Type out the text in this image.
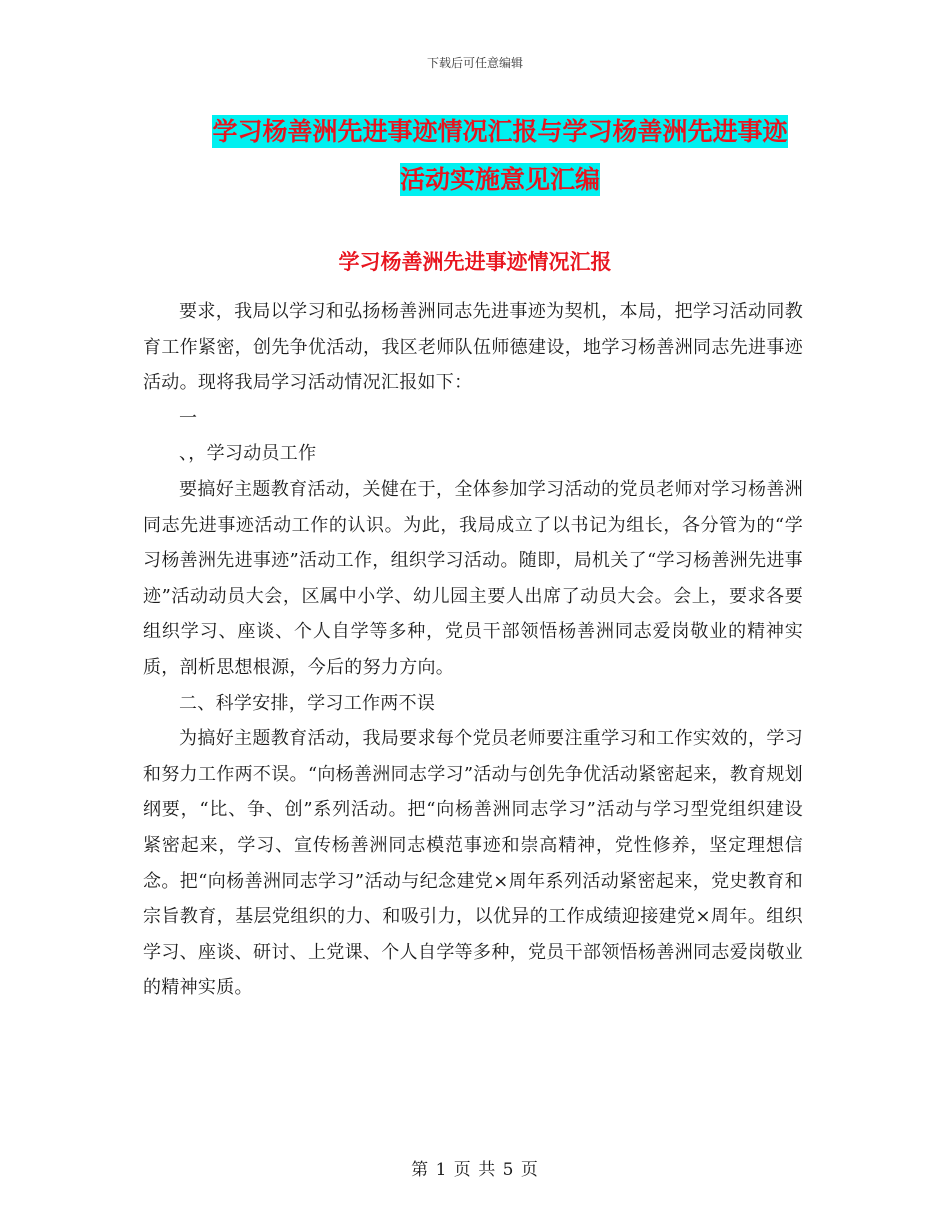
下载后可任意编辑
学习杨善洲先进事迹情况汇报与学习杨善洲先进事迹
活动实施意见汇编
学习杨善洲先进事迹情况汇报

要求，我局以学习和弘扬杨善洲同志先进事迹为契机，本局，把学习活动同教育工作紧密，创先争优活动，我区老师队伍师德建设，地学习杨善洲同志先进事迹活动。现将我局学习活动情况汇报如下：

一

、，学习动员工作

要搞好主题教育活动，关健在于，全体参加学习活动的党员老师对学习杨善洲同志先进事迹活动工作的认识。为此，我局成立了以书记为组长，各分管为的“学习杨善洲先进事迹”活动工作，组织学习活动。随即，局机关了“学习杨善洲先进事迹”活动动员大会，区属中小学、幼儿园主要人出席了动员大会。会上，要求各要组织学习、座谈、个人自学等多种，党员干部领悟杨善洲同志爱岗敬业的精神实质，剖析思想根源，今后的努力方向。

二、科学安排，学习工作两不误

为搞好主题教育活动，我局要求每个党员老师要注重学习和工作实效的，学习和努力工作两不误。“向杨善洲同志学习”活动与创先争优活动紧密起来，教育规划纲要，“比、争、创”系列活动。把“向杨善洲同志学习”活动与学习型党组织建设紧密起来，学习、宣传杨善洲同志模范事迹和崇高精神，党性修养，坚定理想信念。把“向杨善洲同志学习”活动与纪念建党×周年系列活动紧密起来，党史教育和宗旨教育，基层党组织的力、和吸引力，以优异的工作成绩迎接建党×周年。组织学习、座谈、研讨、上党课、个人自学等多种，党员干部领悟杨善洲同志爱岗敬业的精神实质。

第 1 页 共 5 页
